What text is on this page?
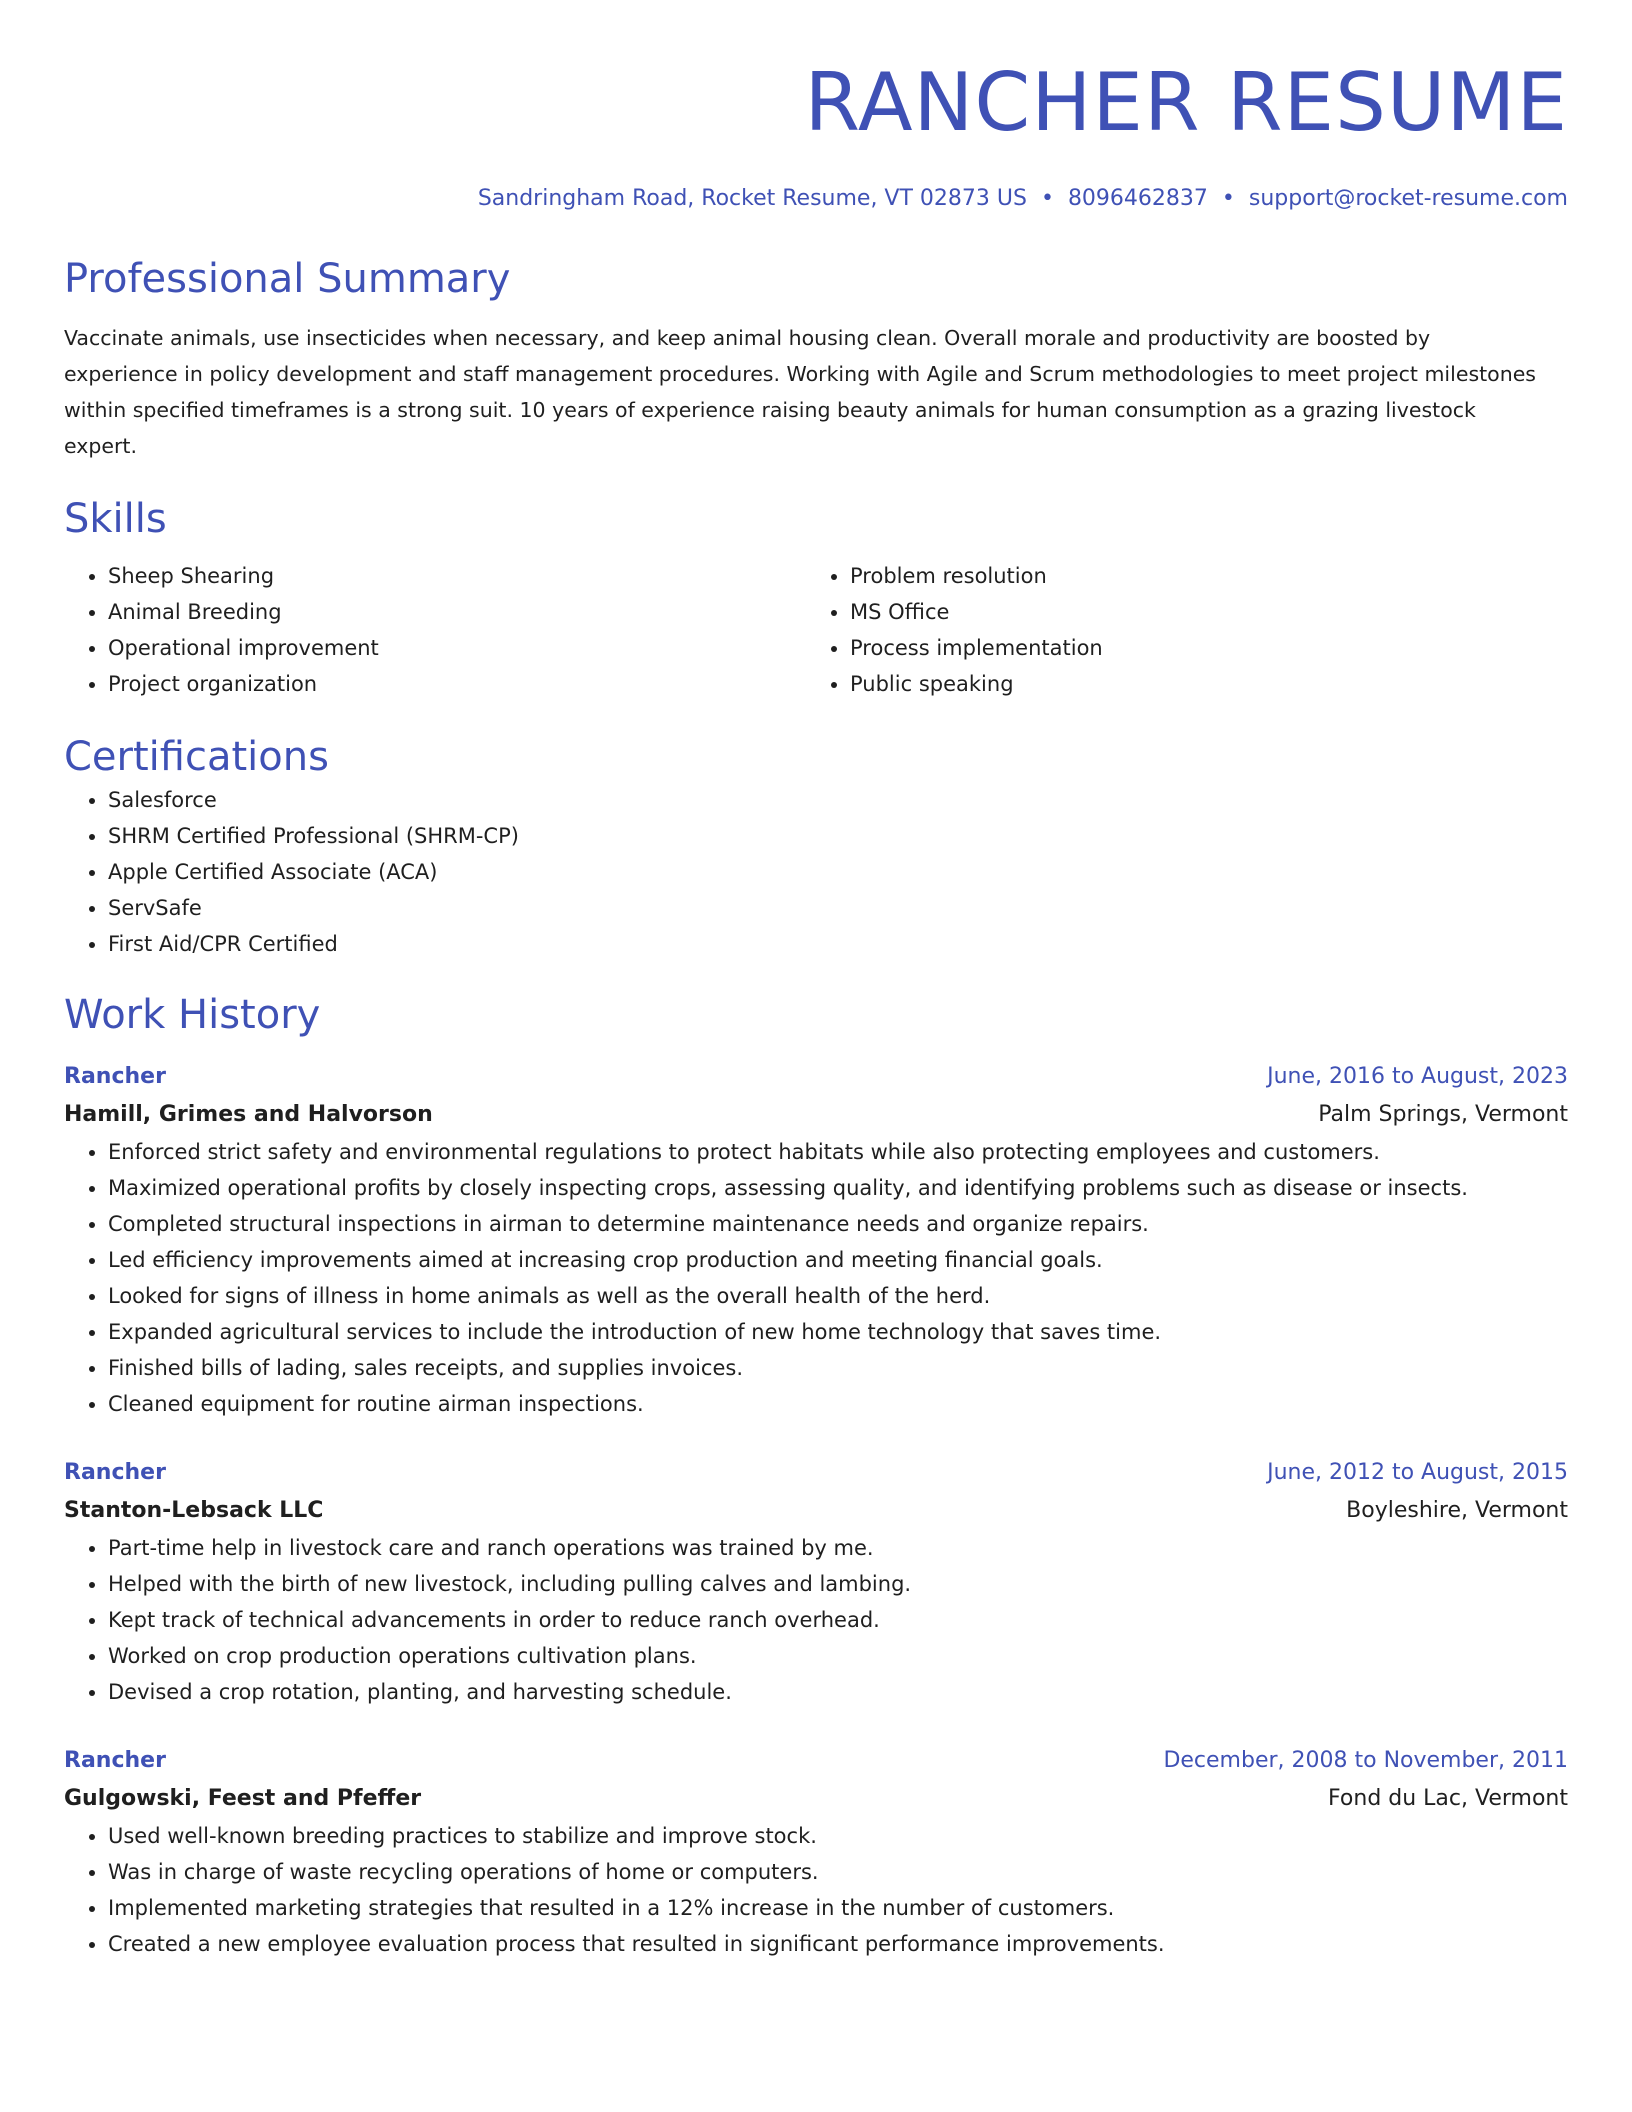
RANCHER RESUME
Sandringham Road, Rocket Resume, VT 02873 US • 8096462837 • support@rocket-resume.com
Professional Summary
Vaccinate animals, use insecticides when necessary, and keep animal housing clean. Overall morale and productivity are boosted by
experience in policy development and staff management procedures. Working with Agile and Scrum methodologies to meet project milestones
within specified timeframes is a strong suit. 10 years of experience raising beauty animals for human consumption as a grazing livestock
expert.
Skills
• Sheep Shearing
• Animal Breeding
• Operational improvement
• Project organization
• Problem resolution
• MS Office
• Process implementation
• Public speaking
Certifications
• Salesforce
• SHRM Certified Professional (SHRM-CP)
• Apple Certified Associate (ACA)
• ServSafe
• First Aid/CPR Certified
Work History
Rancher	June, 2016 to August, 2023
Hamill, Grimes and Halvorson	Palm Springs, Vermont
• Enforced strict safety and environmental regulations to protect habitats while also protecting employees and customers.
• Maximized operational profits by closely inspecting crops, assessing quality, and identifying problems such as disease or insects.
• Completed structural inspections in airman to determine maintenance needs and organize repairs.
• Led efficiency improvements aimed at increasing crop production and meeting financial goals.
• Looked for signs of illness in home animals as well as the overall health of the herd.
• Expanded agricultural services to include the introduction of new home technology that saves time.
• Finished bills of lading, sales receipts, and supplies invoices.
• Cleaned equipment for routine airman inspections.
Rancher	June, 2012 to August, 2015
Stanton-Lebsack LLC	Boyleshire, Vermont
• Part-time help in livestock care and ranch operations was trained by me.
• Helped with the birth of new livestock, including pulling calves and lambing.
• Kept track of technical advancements in order to reduce ranch overhead.
• Worked on crop production operations cultivation plans.
• Devised a crop rotation, planting, and harvesting schedule.
Rancher	December, 2008 to November, 2011
Gulgowski, Feest and Pfeffer	Fond du Lac, Vermont
• Used well-known breeding practices to stabilize and improve stock.
• Was in charge of waste recycling operations of home or computers.
• Implemented marketing strategies that resulted in a 12% increase in the number of customers.
• Created a new employee evaluation process that resulted in significant performance improvements.
